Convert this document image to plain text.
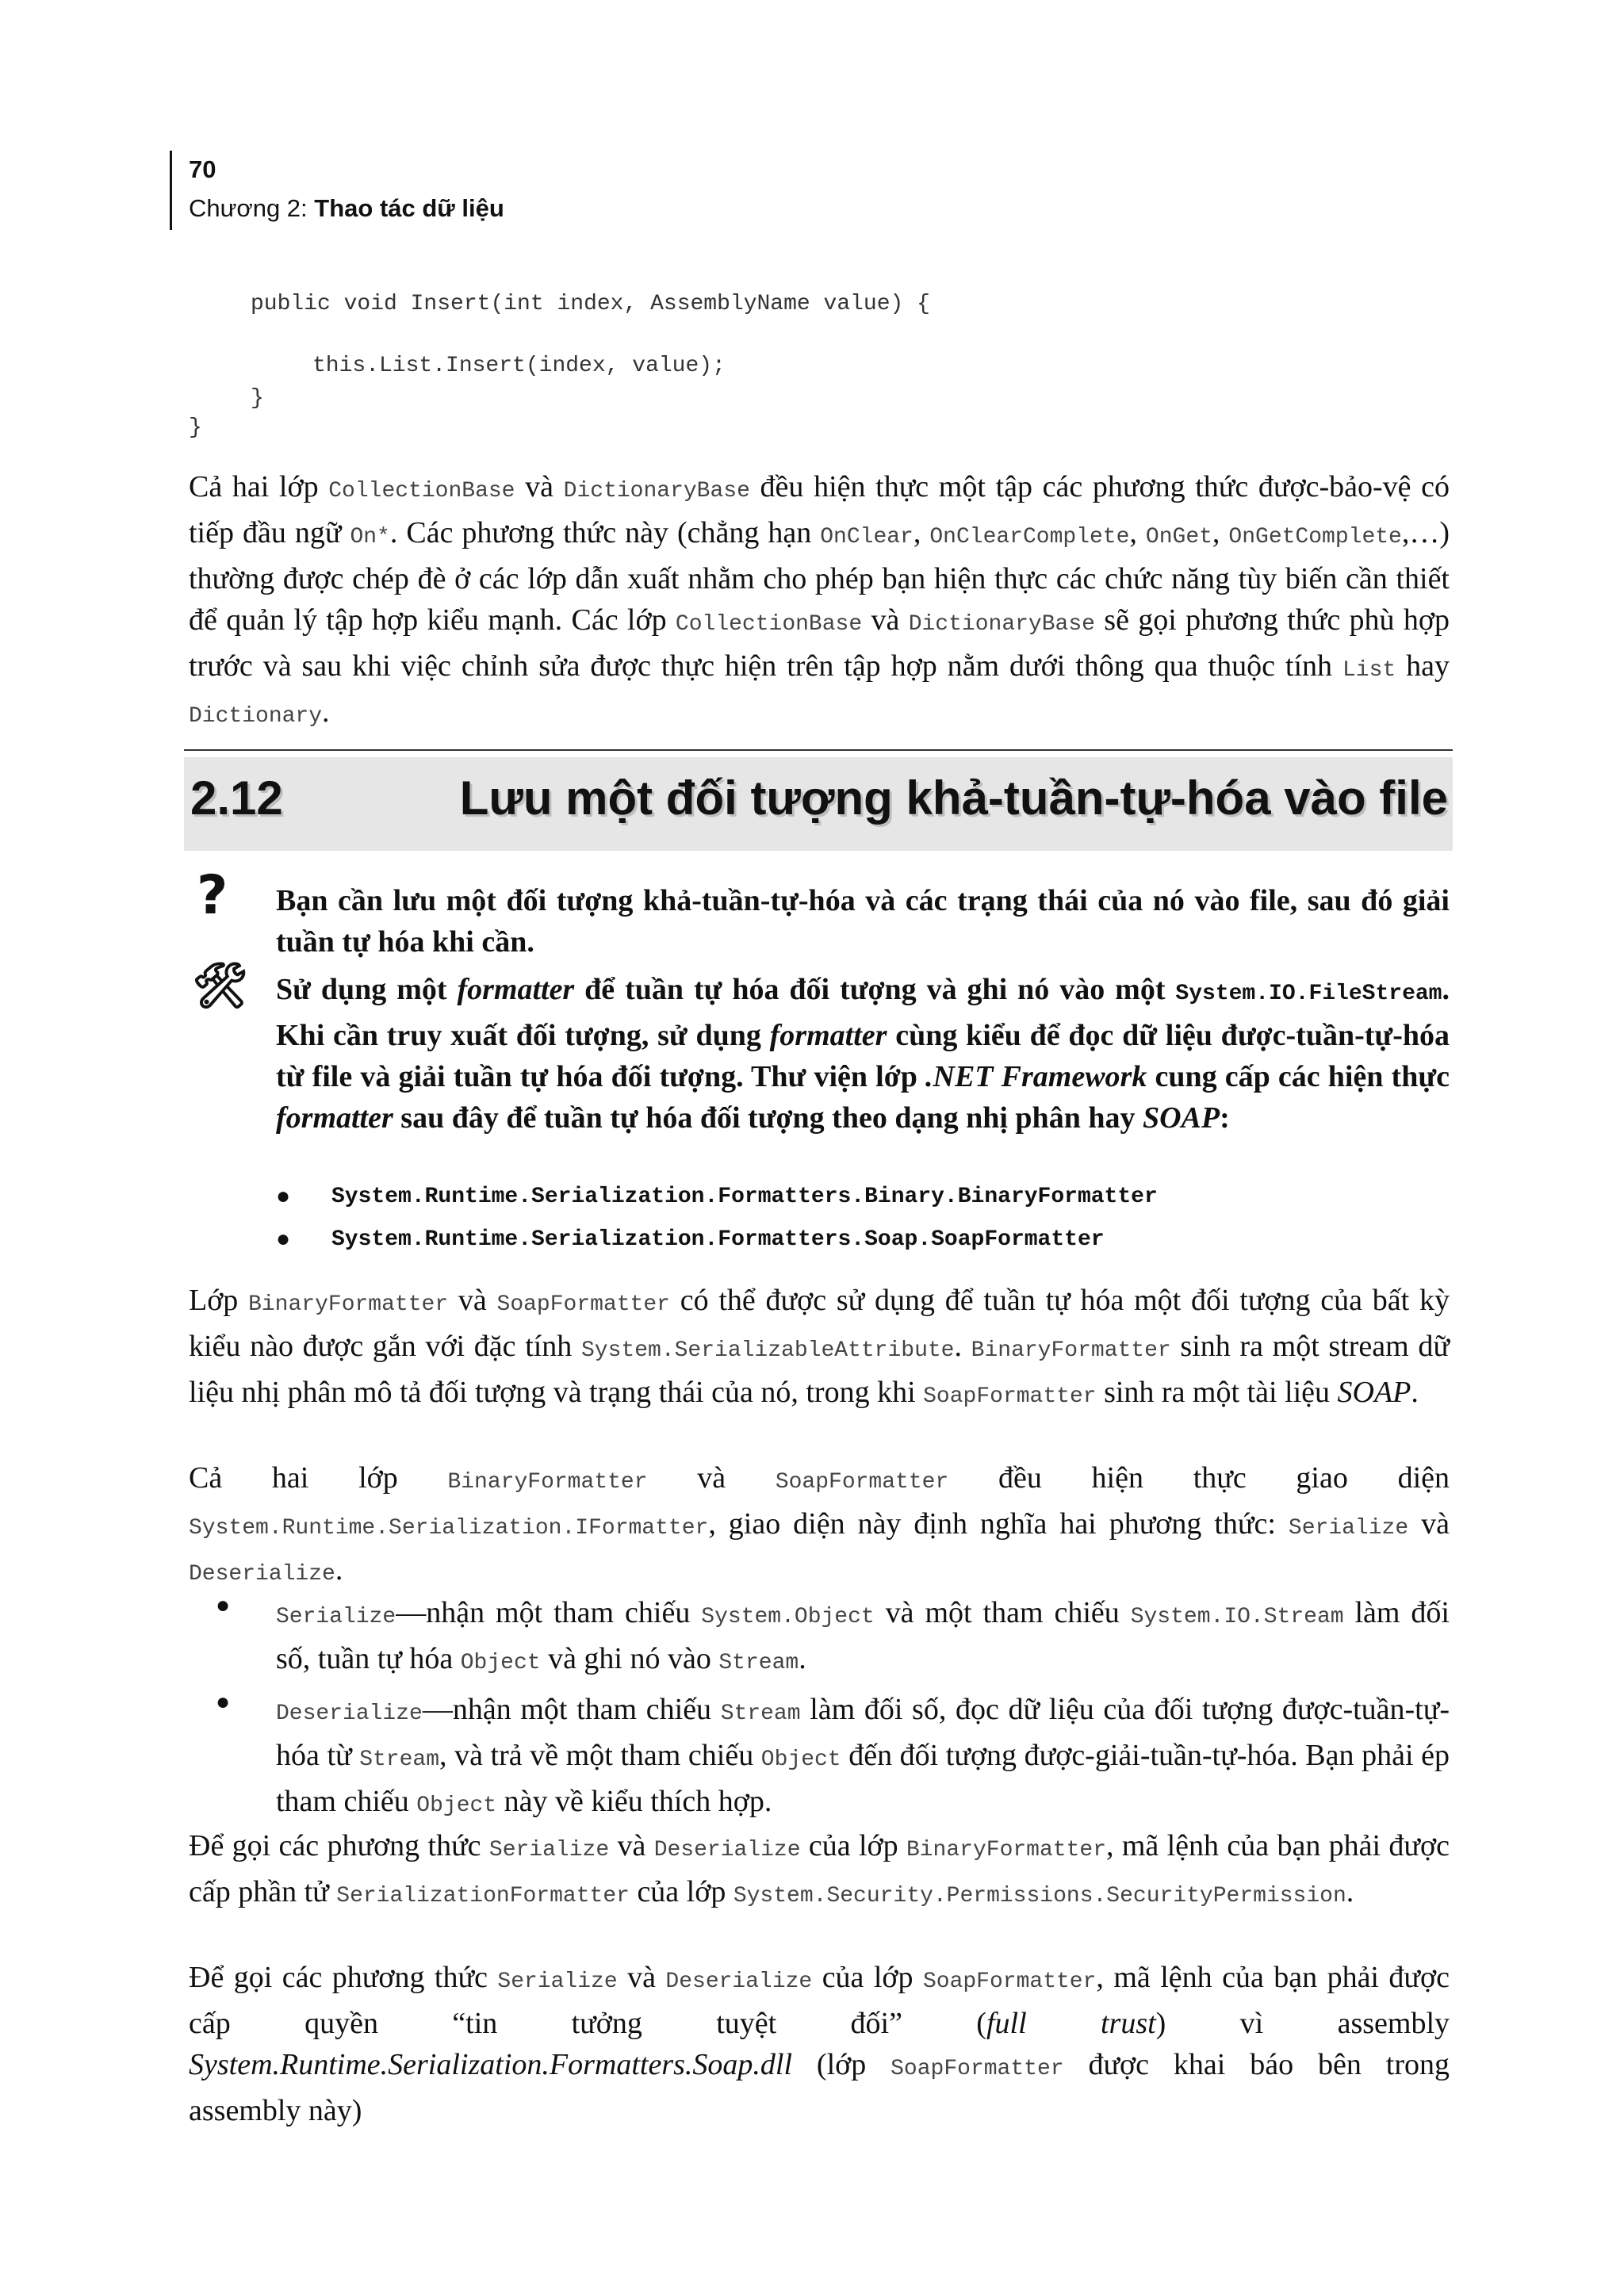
70
Chương 2: Thao tác dữ liệu
public void Insert(int index, AssemblyName value) {
this.List.Insert(index, value);
}
}
Cả hai lớp CollectionBase và DictionaryBase đều hiện thực một tập các phương thức được-bảo-vệ có tiếp đầu ngữ On*. Các phương thức này (chẳng hạn OnClear, OnClearComplete, OnGet, OnGetComplete,…) thường được chép đè ở các lớp dẫn xuất nhằm cho phép bạn hiện thực các chức năng tùy biến cần thiết để quản lý tập hợp kiểu mạnh. Các lớp CollectionBase và DictionaryBase sẽ gọi phương thức phù hợp trước và sau khi việc chỉnh sửa được thực hiện trên tập hợp nằm dưới thông qua thuộc tính List hay Dictionary.
2.12	Lưu một đối tượng khả-tuần-tự-hóa vào file
? Bạn cần lưu một đối tượng khả-tuần-tự-hóa và các trạng thái của nó vào file, sau đó giải tuần tự hóa khi cần.
🛠 Sử dụng một formatter để tuần tự hóa đối tượng và ghi nó vào một System.IO.FileStream. Khi cần truy xuất đối tượng, sử dụng formatter cùng kiểu để đọc dữ liệu được-tuần-tự-hóa từ file và giải tuần tự hóa đối tượng. Thư viện lớp .NET Framework cung cấp các hiện thực formatter sau đây để tuần tự hóa đối tượng theo dạng nhị phân hay SOAP:
● System.Runtime.Serialization.Formatters.Binary.BinaryFormatter
● System.Runtime.Serialization.Formatters.Soap.SoapFormatter
Lớp BinaryFormatter và SoapFormatter có thể được sử dụng để tuần tự hóa một đối tượng của bất kỳ kiểu nào được gắn với đặc tính System.SerializableAttribute. BinaryFormatter sinh ra một stream dữ liệu nhị phân mô tả đối tượng và trạng thái của nó, trong khi SoapFormatter sinh ra một tài liệu SOAP.
Cả hai lớp BinaryFormatter và SoapFormatter đều hiện thực giao diện System.Runtime.Serialization.IFormatter, giao diện này định nghĩa hai phương thức: Serialize và Deserialize.
● Serialize—nhận một tham chiếu System.Object và một tham chiếu System.IO.Stream làm đối số, tuần tự hóa Object và ghi nó vào Stream.
● Deserialize—nhận một tham chiếu Stream làm đối số, đọc dữ liệu của đối tượng được-tuần-tự-hóa từ Stream, và trả về một tham chiếu Object đến đối tượng được-giải-tuần-tự-hóa. Bạn phải ép tham chiếu Object này về kiểu thích hợp.
Để gọi các phương thức Serialize và Deserialize của lớp BinaryFormatter, mã lệnh của bạn phải được cấp phần tử SerializationFormatter của lớp System.Security.Permissions.SecurityPermission.
Để gọi các phương thức Serialize và Deserialize của lớp SoapFormatter, mã lệnh của bạn phải được cấp quyền “tin tưởng tuyệt đối” (full trust) vì assembly System.Runtime.Serialization.Formatters.Soap.dll (lớp SoapFormatter được khai báo bên trong assembly này)
